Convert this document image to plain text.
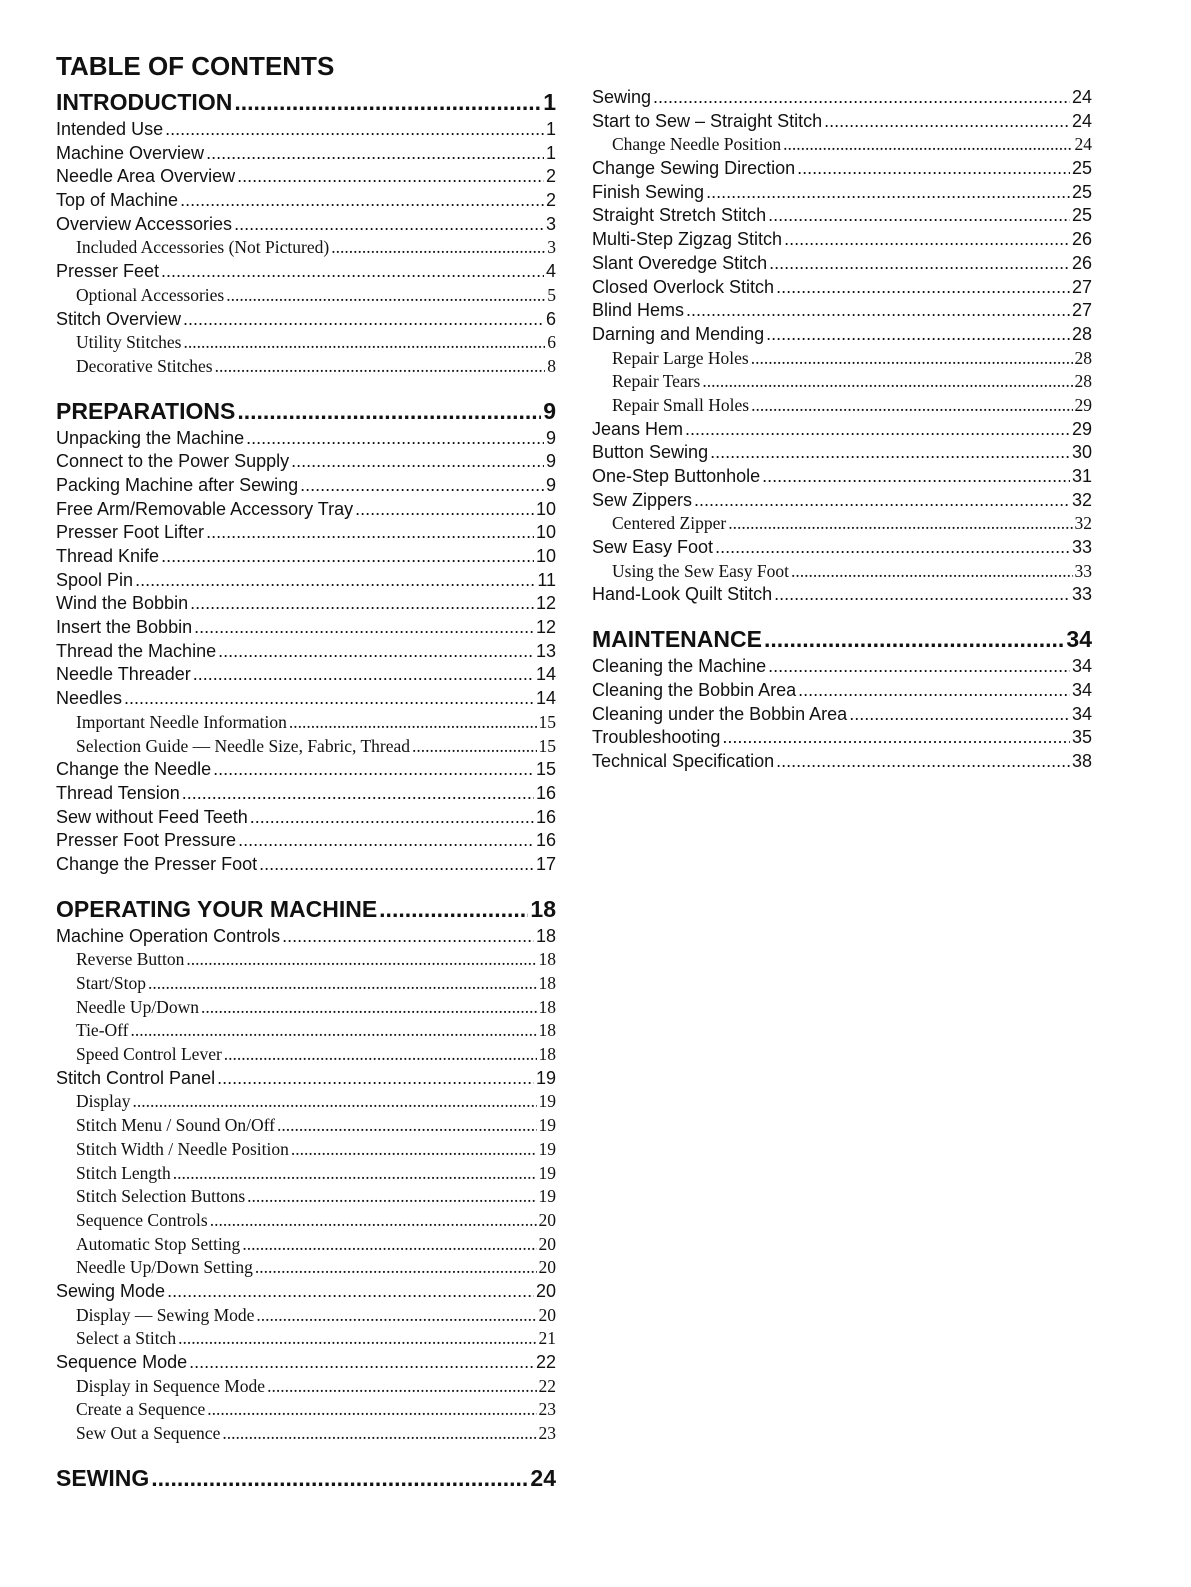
TABLE OF CONTENTS
INTRODUCTION .....	1
Intended Use .....	1
Machine Overview .....	1
Needle Area Overview .....	2
Top of Machine .....	2
Overview Accessories .....	3
Included Accessories (Not Pictured) .....	3
Presser Feet .....	4
Optional Accessories .....	5
Stitch Overview .....	6
Utility Stitches .....	6
Decorative Stitches .....	8
PREPARATIONS .....	9
Unpacking the Machine .....	9
Connect to the Power Supply .....	9
Packing Machine after Sewing .....	9
Free Arm/Removable Accessory Tray .....	10
Presser Foot Lifter .....	10
Thread Knife .....	10
Spool Pin .....	11
Wind the Bobbin .....	12
Insert the Bobbin .....	12
Thread the Machine .....	13
Needle Threader .....	14
Needles .....	14
Important Needle Information .....	15
Selection Guide — Needle Size, Fabric, Thread .....	15
Change the Needle .....	15
Thread Tension .....	16
Sew without Feed Teeth .....	16
Presser Foot Pressure .....	16
Change the Presser Foot .....	17
OPERATING YOUR MACHINE .....	18
Machine Operation Controls .....	18
Reverse Button .....	18
Start/Stop .....	18
Needle Up/Down .....	18
Tie-Off .....	18
Speed Control Lever .....	18
Stitch Control Panel .....	19
Display .....	19
Stitch Menu / Sound On/Off .....	19
Stitch Width / Needle Position .....	19
Stitch Length .....	19
Stitch Selection Buttons .....	19
Sequence Controls .....	20
Automatic Stop Setting .....	20
Needle Up/Down Setting .....	20
Sewing Mode .....	20
Display — Sewing Mode .....	20
Select a Stitch .....	21
Sequence Mode .....	22
Display in Sequence Mode .....	22
Create a Sequence .....	23
Sew Out a Sequence .....	23
SEWING .....	24
Sewing .....	24
Start to Sew – Straight Stitch .....	24
Change Needle Position .....	24
Change Sewing Direction .....	25
Finish Sewing .....	25
Straight Stretch Stitch .....	25
Multi-Step Zigzag Stitch .....	26
Slant Overedge Stitch .....	26
Closed Overlock Stitch .....	27
Blind Hems .....	27
Darning and Mending .....	28
Repair Large Holes .....	28
Repair Tears .....	28
Repair Small Holes .....	29
Jeans Hem .....	29
Button Sewing .....	30
One-Step Buttonhole .....	31
Sew Zippers .....	32
Centered Zipper .....	32
Sew Easy Foot .....	33
Using the Sew Easy Foot .....	33
Hand-Look Quilt Stitch .....	33
MAINTENANCE .....	34
Cleaning the Machine .....	34
Cleaning the Bobbin Area .....	34
Cleaning under the Bobbin Area .....	34
Troubleshooting .....	35
Technical Specification .....	38
